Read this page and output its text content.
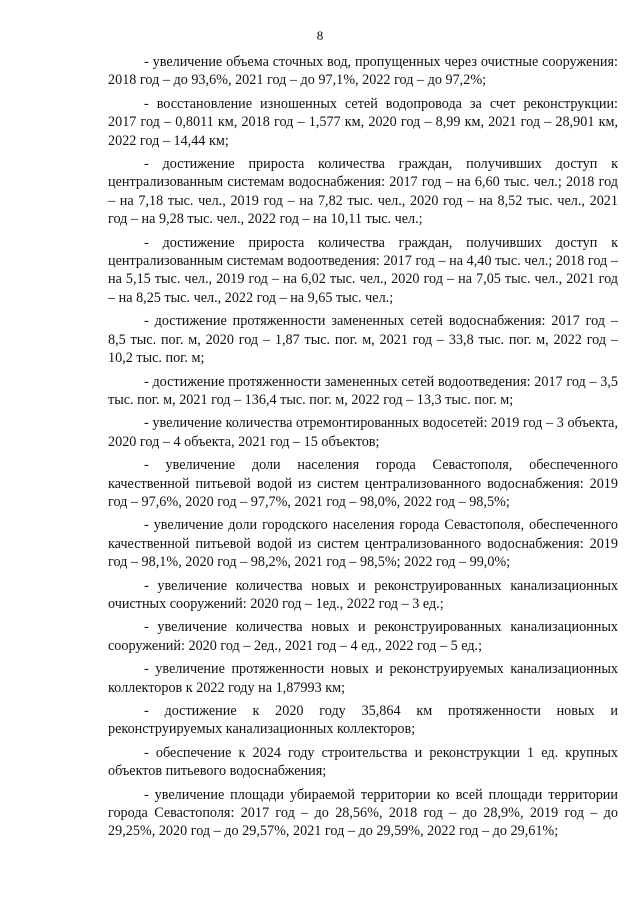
8

- увеличение объема сточных вод, пропущенных через очистные сооружения: 2018 год – до 93,6%, 2021 год – до 97,1%, 2022 год – до 97,2%;

- восстановление изношенных сетей водопровода за счет реконструкции: 2017 год – 0,8011 км, 2018 год – 1,577 км, 2020 год – 8,99 км, 2021 год – 28,901 км, 2022 год – 14,44 км;

- достижение прироста количества граждан, получивших доступ к централизованным системам водоснабжения: 2017 год – на 6,60 тыс. чел.; 2018 год – на 7,18 тыс. чел., 2019 год – на 7,82 тыс. чел., 2020 год – на 8,52 тыс. чел., 2021 год – на 9,28 тыс. чел., 2022 год – на 10,11 тыс. чел.;

- достижение прироста количества граждан, получивших доступ к централизованным системам водоотведения: 2017 год – на 4,40 тыс. чел.; 2018 год – на 5,15 тыс. чел., 2019 год – на 6,02 тыс. чел., 2020 год – на 7,05 тыс. чел., 2021 год – на 8,25 тыс. чел., 2022 год – на 9,65 тыс. чел.;

- достижение протяженности замененных сетей водоснабжения: 2017 год – 8,5 тыс. пог. м, 2020 год – 1,87 тыс. пог. м, 2021 год – 33,8 тыс. пог. м, 2022 год – 10,2 тыс. пог. м;

- достижение протяженности замененных сетей водоотведения: 2017 год – 3,5 тыс. пог. м, 2021 год – 136,4 тыс. пог. м, 2022 год – 13,3 тыс. пог. м;

- увеличение количества отремонтированных водосетей: 2019 год – 3 объекта, 2020 год – 4 объекта, 2021 год – 15 объектов;

- увеличение доли населения города Севастополя, обеспеченного качественной питьевой водой из систем централизованного водоснабжения: 2019 год – 97,6%, 2020 год – 97,7%, 2021 год – 98,0%, 2022 год – 98,5%;

- увеличение доли городского населения города Севастополя, обеспеченного качественной питьевой водой из систем централизованного водоснабжения: 2019 год – 98,1%, 2020 год – 98,2%, 2021 год – 98,5%; 2022 год – 99,0%;

- увеличение количества новых и реконструированных канализационных очистных сооружений: 2020 год – 1ед., 2022 год – 3 ед.;

- увеличение количества новых и реконструированных канализационных сооружений: 2020 год – 2ед., 2021 год – 4 ед., 2022 год – 5 ед.;

- увеличение протяженности новых и реконструируемых канализационных коллекторов к 2022 году на 1,87993 км;

- достижение к 2020 году 35,864 км протяженности новых и реконструируемых канализационных коллекторов;

- обеспечение к 2024 году строительства и реконструкции 1 ед. крупных объектов питьевого водоснабжения;

- увеличение площади убираемой территории ко всей площади территории города Севастополя: 2017 год – до 28,56%, 2018 год – до 28,9%, 2019 год – до 29,25%, 2020 год – до 29,57%, 2021 год – до 29,59%, 2022 год – до 29,61%;
